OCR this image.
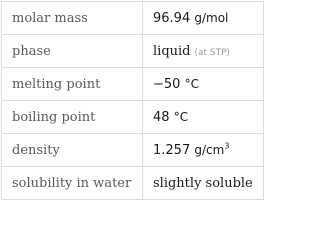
molar mass	96.94 g/mol
phase	liquid (at STP)
melting point	−50 °C
boiling point	48 °C
density	1.257 $g/cm^3$
solubility in water	slightly soluble
